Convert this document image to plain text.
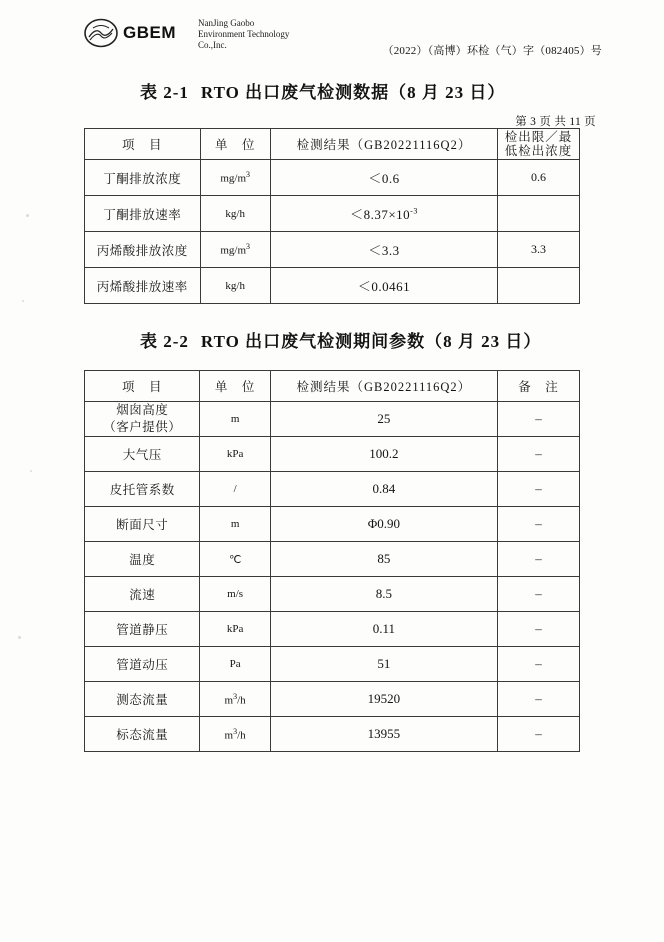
GBEM NanJing Gaobo
Environment Technology
Co.,Inc.	（2022）（高博）环检（气）字（082405）号
第 3 页 共 11 页
表 2-1 RTO 出口废气检测数据（8 月 23 日）
项　目	单　位	检测结果（GB20221116Q2）	检出限／最低检出浓度
丁酮排放浓度	$mg/m^3$	＜0.6	0.6
丁酮排放速率	kg/h	$<8.37\times 10^{-3}$	
丙烯酸排放浓度	$mg/m^3$	＜3.3	3.3
丙烯酸排放速率	kg/h	＜0.0461	
表 2-2 RTO 出口废气检测期间参数（8 月 23 日）
项　目	单　位	检测结果（GB20221116Q2）	备　注

烟囱高度
（客户提供）	m	25	–
大气压	kPa	100.2	–
皮托管系数	/	0.84	–
断面尺寸	m	Φ0.90	–
温度	℃	85	–
流速	m/s	8.5	–
管道静压	kPa	0.11	–
管道动压	Pa	51	–
测态流量	$m^3/h$	19520	–
标态流量	$m^3/h$	13955	–
